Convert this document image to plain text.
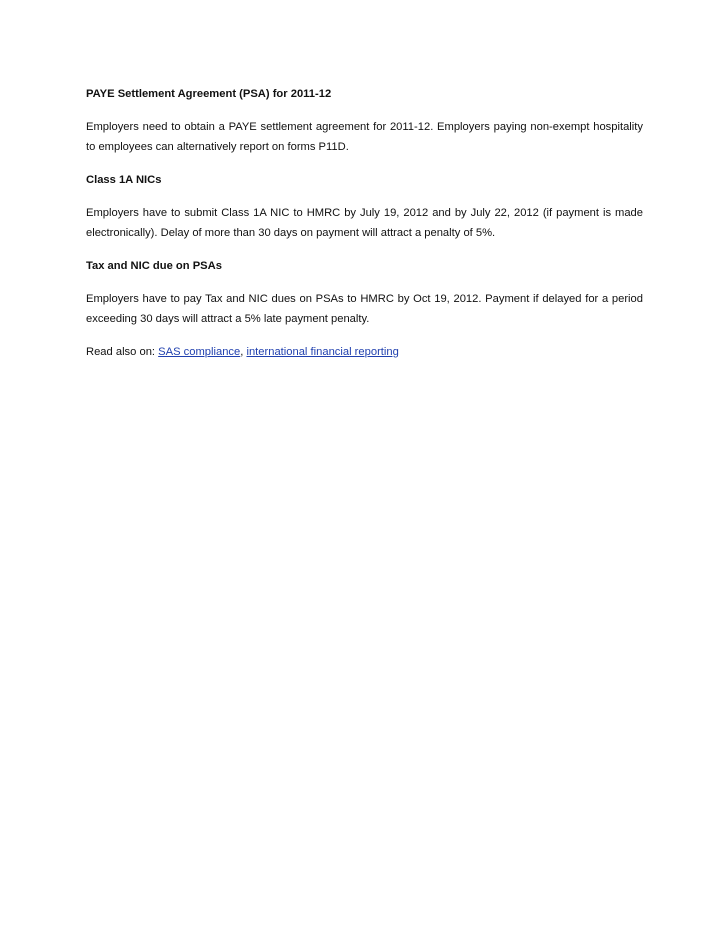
PAYE Settlement Agreement (PSA) for 2011-12

Employers need to obtain a PAYE settlement agreement for 2011-12. Employers paying non-exempt hospitality to employees can alternatively report on forms P11D.

Class 1A NICs

Employers have to submit Class 1A NIC to HMRC by July 19, 2012 and by July 22, 2012 (if payment is made electronically). Delay of more than 30 days on payment will attract a penalty of 5%.

Tax and NIC due on PSAs

Employers have to pay Tax and NIC dues on PSAs to HMRC by Oct 19, 2012. Payment if delayed for a period exceeding 30 days will attract a 5% late payment penalty.

Read also on: SAS compliance, international financial reporting
